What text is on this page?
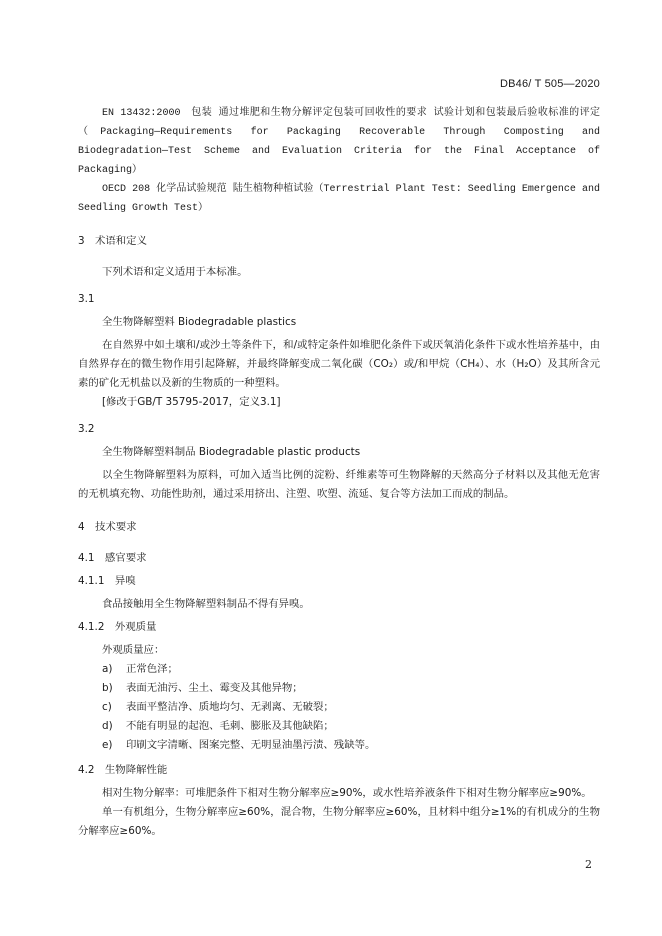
DB46/ T 505—2020

EN 13432:2000　包装 通过堆肥和生物分解评定包装可回收性的要求 试验计划和包装最后验收标准的评定（Packaging—Requirements for Packaging Recoverable Through Composting and Biodegradation—Test Scheme and Evaluation Criteria for the Final Acceptance of Packaging）

OECD 208 化学品试验规范 陆生植物种植试验（Terrestrial Plant Test: Seedling Emergence and Seedling Growth Test）

3　术语和定义

下列术语和定义适用于本标准。

3.1
全生物降解塑料 Biodegradable plastics

在自然界中如土壤和/或沙土等条件下，和/或特定条件如堆肥化条件下或厌氧消化条件下或水性培养基中，由自然界存在的微生物作用引起降解，并最终降解变成二氧化碳（CO₂）或/和甲烷（CH₄）、水（H₂O）及其所含元素的矿化无机盐以及新的生物质的一种塑料。

[修改于GB/T 35795-2017，定义3.1]

3.2
全生物降解塑料制品 Biodegradable plastic products

以全生物降解塑料为原料，可加入适当比例的淀粉、纤维素等可生物降解的天然高分子材料以及其他无危害的无机填充物、功能性助剂，通过采用挤出、注塑、吹塑、流延、复合等方法加工而成的制品。

4　技术要求
4.1　感官要求
4.1.1　异嗅

食品接触用全生物降解塑料制品不得有异嗅。

4.1.2　外观质量

外观质量应：

a)	正常色泽；
b)	表面无油污、尘土、霉变及其他异物；
c)	表面平整洁净、质地均匀、无剥离、无破裂；
d)	不能有明显的起泡、毛刺、膨胀及其他缺陷；
e)	印刷文字清晰、图案完整、无明显油墨污渍、残缺等。
4.2　生物降解性能

相对生物分解率：可堆肥条件下相对生物分解率应≥90%，或水性培养液条件下相对生物分解率应≥90%。

单一有机组分，生物分解率应≥60%，混合物，生物分解率应≥60%，且材料中组分≥1%的有机成分的生物分解率应≥60%。

2
